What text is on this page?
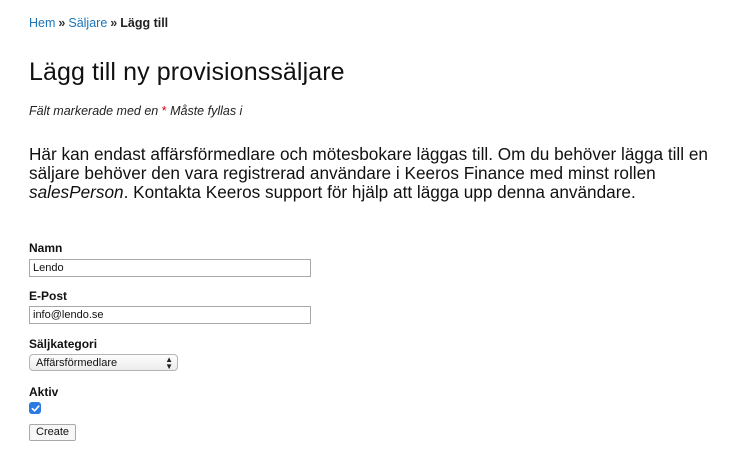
Hem » Säljare » Lägg till
Lägg till ny provisionssäljare
Fält markerade med en * Måste fyllas i
Här kan endast affärsförmedlare och mötesbokare läggas till. Om du behöver lägga till en säljare behöver den vara registrerad användare i Keeros Finance med minst rollen salesPerson. Kontakta Keeros support för hjälp att lägga upp denna användare.
Namn
Lendo
E-Post
info@lendo.se
Säljkategori
Affärsförmedlare	▲
▼
Aktiv
Create
